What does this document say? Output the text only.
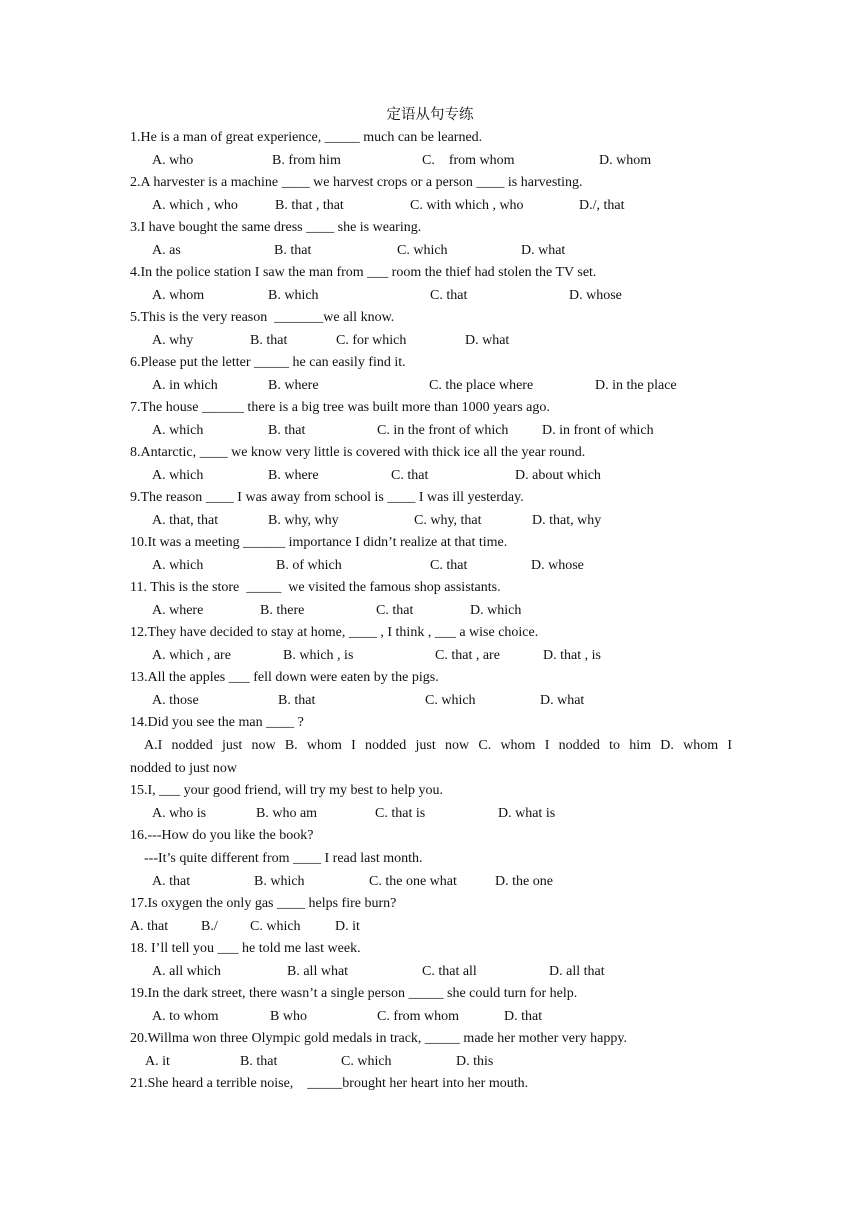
定语从句专练
1.He is a man of great experience, _____ much can be learned.
A. who	B. from him	C.    from whom	D. whom
2.A harvester is a machine ____ we harvest crops or a person ____ is harvesting.
A. which , who	B. that , that	C. with which , who	D./, that
3.I have bought the same dress ____ she is wearing.
A. as	B. that	C. which	D. what
4.In the police station I saw the man from ___ room the thief had stolen the TV set.
A. whom	B. which	C. that	D. whose
5.This is the very reason  _______we all know.
A. why	B. that	C. for which	D. what
6.Please put the letter _____ he can easily find it.
A. in which	B. where	C. the place where	D. in the place
7.The house ______ there is a big tree was built more than 1000 years ago.
A. which	B. that	C. in the front of which D. in front of which
8.Antarctic, ____ we know very little is covered with thick ice all the year round.
A. which	B. where	C. that	D. about which
9.The reason ____ I was away from school is ____ I was ill yesterday.
A. that, that	B. why, why	C. why, that	D. that, why
10.It was a meeting ______ importance I didn’t realize at that time.
A. which	B. of which	C. that	D. whose
11. This is the store  _____  we visited the famous shop assistants.
A. where	B. there	C. that	D. which
12.They have decided to stay at home, ____ , I think , ___ a wise choice.
A. which , are	B. which , is	C. that , are	D. that , is
13.All the apples ___ fell down were eaten by the pigs.
A. those	B. that	C. which	D. what
14.Did you see the man ____ ?
A.I nodded just now B. whom I nodded just now C. whom I nodded to him D. whom I
nodded to just now
15.I, ___ your good friend, will try my best to help you.
A. who is	B. who am	C. that is	D. what is
16.---How do you like the book?
---It’s quite different from ____ I read last month.
A. that	B. which	C. the one what	D. the one
17.Is oxygen the only gas ____ helps fire burn?
A. that B./ C. which D. it
18. I’ll tell you ___ he told me last week.
A. all which	B. all what	C. that all	D. all that
19.In the dark street, there wasn’t a single person _____ she could turn for help.
A. to whom	B who	C. from whom	D. that
20.Willma won three Olympic gold medals in track, _____ made her mother very happy.
A. it	B. that	C. which	D. this
21.She heard a terrible noise,    _____brought her heart into her mouth.
